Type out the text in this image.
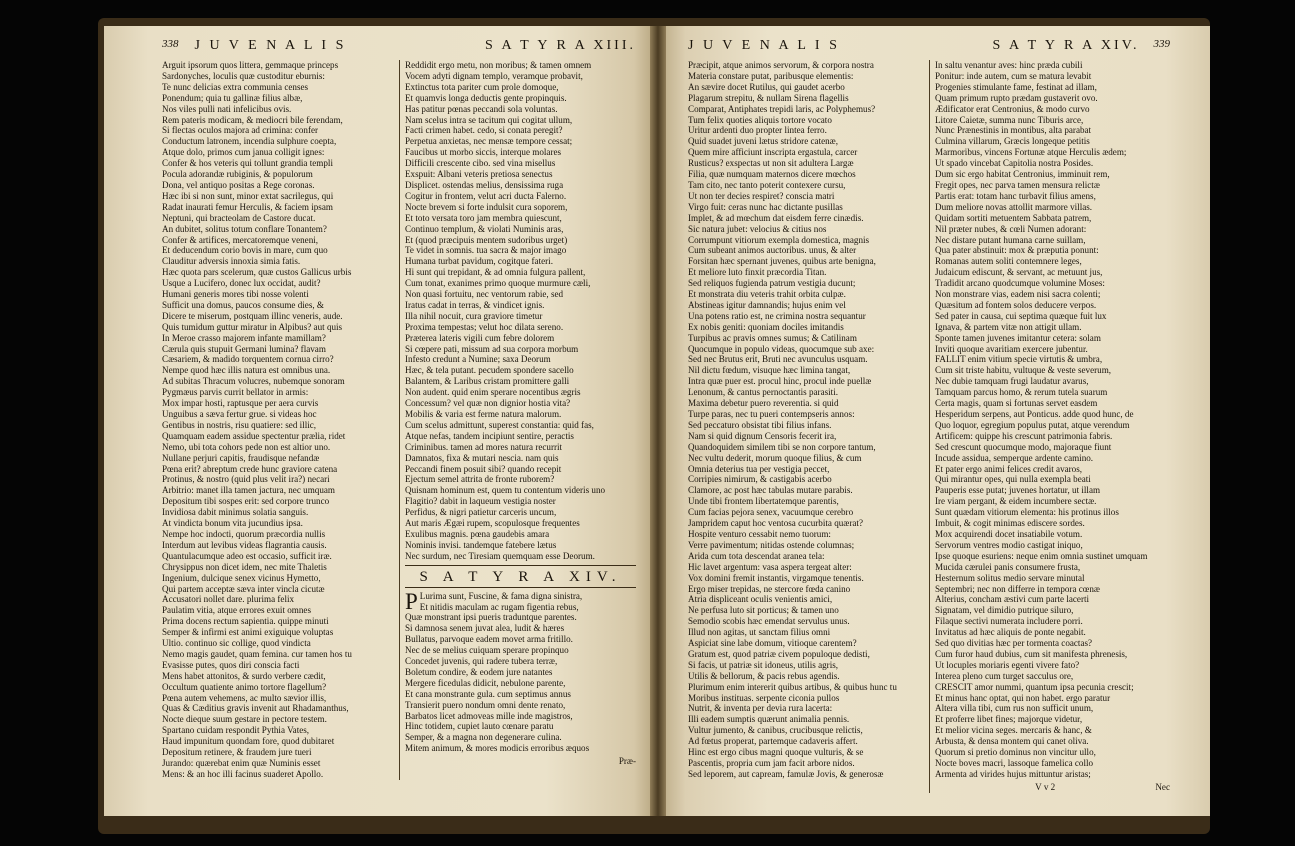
338 J U V E N A L I S	S A T Y R A XIII.
Arguit ipsorum quos littera, gemmaque princeps
Sardonyches, loculis quæ custoditur eburnis:
Te nunc delicias extra communia censes
Ponendum; quia tu gallinæ filius albæ,
Nos viles pulli nati infelicibus ovis.
Rem pateris modicam, & mediocri bile ferendam,
Si flectas oculos majora ad crimina: confer
Conductum latronem, incendia sulphure coepta,
Atque dolo, primos cum janua colligit ignes:
Confer & hos veteris qui tollunt grandia templi
Pocula adorandæ rubiginis, & populorum
Dona, vel antiquo positas a Rege coronas.
Hæc ibi si non sunt, minor extat sacrilegus, qui
Radat inaurati femur Herculis, & faciem ipsam
Neptuni, qui bracteolam de Castore ducat.
An dubitet, solitus totum conflare Tonantem?
Confer & artifices, mercatoremque veneni,
Et deducendum corio bovis in mare, cum quo
Clauditur adversis innoxia simia fatis.
Hæc quota pars scelerum, quæ custos Gallicus urbis
Usque a Lucifero, donec lux occidat, audit?
Humani generis mores tibi nosse volenti
Sufficit una domus, paucos consume dies, &
Dicere te miserum, postquam illinc veneris, aude.
Quis tumidum guttur miratur in Alpibus? aut quis
In Meroe crasso majorem infante mamillam?
Cærula quis stupuit Germani lumina? flavam
Cæsariem, & madido torquentem cornua cirro?
Nempe quod hæc illis natura est omnibus una.
Ad subitas Thracum volucres, nubemque sonoram
Pygmæus parvis currit bellator in armis:
Mox impar hosti, raptusque per aera curvis
Unguibus a sæva fertur grue. si videas hoc
Gentibus in nostris, risu quatiere: sed illic,
Quamquam eadem assidue spectentur prælia, ridet
Nemo, ubi tota cohors pede non est altior uno.
Nullane perjuri capitis, fraudisque nefandæ
Pœna erit? abreptum crede hunc graviore catena
Protinus, & nostro (quid plus velit ira?) necari
Arbitrio: manet illa tamen jactura, nec umquam
Depositum tibi sospes erit: sed corpore trunco
Invidiosa dabit minimus solatia sanguis.
At vindicta bonum vita jucundius ipsa.
Nempe hoc indocti, quorum præcordia nullis
Interdum aut levibus videas flagrantia causis.
Quantulacumque adeo est occasio, sufficit iræ.
Chrysippus non dicet idem, nec mite Thaletis
Ingenium, dulcique senex vicinus Hymetto,
Qui partem acceptæ sæva inter vincla cicutæ
Accusatori nollet dare. plurima felix
Paulatim vitia, atque errores exuit omnes
Prima docens rectum sapientia. quippe minuti
Semper & infirmi est animi exiguique voluptas
Ultio. continuo sic collige, quod vindicta
Nemo magis gaudet, quam femina. cur tamen hos tu
Evasisse putes, quos diri conscia facti
Mens habet attonitos, & surdo verbere cædit,
Occultum quatiente animo tortore flagellum?
Pœna autem vehemens, ac multo sævior illis,
Quas & Cæditius gravis invenit aut Rhadamanthus,
Nocte dieque suum gestare in pectore testem.
Spartano cuidam respondit Pythia Vates,
Haud impunitum quondam fore, quod dubitaret
Depositum retinere, & fraudem jure tueri
Jurando: quærebat enim quæ Numinis esset
Mens: & an hoc illi facinus suaderet Apollo.
Reddidit ergo metu, non moribus; & tamen omnem
Vocem adyti dignam templo, veramque probavit,
Extinctus tota pariter cum prole domoque,
Et quamvis longa deductis gente propinquis.
Has patitur pœnas peccandi sola voluntas.
Nam scelus intra se tacitum qui cogitat ullum,
Facti crimen habet. cedo, si conata peregit?
Perpetua anxietas, nec mensæ tempore cessat;
Faucibus ut morbo siccis, interque molares
Difficili crescente cibo. sed vina misellus
Exspuit: Albani veteris pretiosa senectus
Displicet. ostendas melius, densissima ruga
Cogitur in frontem, velut acri ducta Falerno.
Nocte brevem si forte indulsit cura soporem,
Et toto versata toro jam membra quiescunt,
Continuo templum, & violati Numinis aras,
Et (quod præcipuis mentem sudoribus urget)
Te videt in somnis. tua sacra & major imago
Humana turbat pavidum, cogitque fateri.
Hi sunt qui trepidant, & ad omnia fulgura pallent,
Cum tonat, exanimes primo quoque murmure cæli,
Non quasi fortuitu, nec ventorum rabie, sed
Iratus cadat in terras, & vindicet ignis.
Illa nihil nocuit, cura graviore timetur
Proxima tempestas; velut hoc dilata sereno.
Præterea lateris vigili cum febre dolorem
Si cœpere pati, missum ad sua corpora morbum
Infesto credunt a Numine; saxa Deorum
Hæc, & tela putant. pecudem spondere sacello
Balantem, & Laribus cristam promittere galli
Non audent. quid enim sperare nocentibus ægris
Concessum? vel quæ non dignior hostia vita?
Mobilis & varia est ferme natura malorum.
Cum scelus admittunt, superest constantia: quid fas,
Atque nefas, tandem incipiunt sentire, peractis
Criminibus. tamen ad mores natura recurrit
Damnatos, fixa & mutari nescia. nam quis
Peccandi finem posuit sibi? quando recepit
Ejectum semel attrita de fronte ruborem?
Quisnam hominum est, quem tu contentum videris uno
Flagitio? dabit in laqueum vestigia noster
Perfidus, & nigri patietur carceris uncum,
Aut maris Ægæi rupem, scopulosque frequentes
Exulibus magnis. pœna gaudebis amara
Nominis invisi. tandemque fatebere lætus
Nec surdum, nec Tiresiam quemquam esse Deorum.
S A T Y R A XIV.
P Lurima sunt, Fuscine, & fama digna sinistra,
Et nitidis maculam ac rugam figentia rebus,
Quæ monstrant ipsi pueris traduntque parentes.
Si damnosa senem juvat alea, ludit & hæres
Bullatus, parvoque eadem movet arma fritillo.
Nec de se melius cuiquam sperare propinquo
Concedet juvenis, qui radere tubera terræ,
Boletum condire, & eodem jure natantes
Mergere ficedulas didicit, nebulone parente,
Et cana monstrante gula. cum septimus annus
Transierit puero nondum omni dente renato,
Barbatos licet admoveas mille inde magistros,
Hinc totidem, cupiet lauto cœnare paratu
Semper, & a magna non degenerare culina.
Mitem animum, & mores modicis erroribus æquos
Præ-
J U V E N A L I S	S A T Y R A XIV. 339
Præcipit, atque animos servorum, & corpora nostra
Materia constare putat, paribusque elementis:
An sævire docet Rutilus, qui gaudet acerbo
Plagarum strepitu, & nullam Sirena flagellis
Comparat, Antiphates trepidi laris, ac Polyphemus?
Tum felix quoties aliquis tortore vocato
Uritur ardenti duo propter lintea ferro.
Quid suadet juveni lætus stridore catenæ,
Quem mire afficiunt inscripta ergastula, carcer
Rusticus? exspectas ut non sit adultera Largæ
Filia, quæ numquam maternos dicere mœchos
Tam cito, nec tanto poterit contexere cursu,
Ut non ter decies respiret? conscia matri
Virgo fuit: ceras nunc hac dictante pusillas
Implet, & ad mœchum dat eisdem ferre cinædis.
Sic natura jubet: velocius & citius nos
Corrumpunt vitiorum exempla domestica, magnis
Cum subeant animos auctoribus. unus, & alter
Forsitan hæc spernant juvenes, quibus arte benigna,
Et meliore luto finxit præcordia Titan.
Sed reliquos fugienda patrum vestigia ducunt;
Et monstrata diu veteris trahit orbita culpæ.
Abstineas igitur damnandis; hujus enim vel
Una potens ratio est, ne crimina nostra sequantur
Ex nobis geniti: quoniam dociles imitandis
Turpibus ac pravis omnes sumus; & Catilinam
Quocumque in populo videas, quocumque sub axe:
Sed nec Brutus erit, Bruti nec avunculus usquam.
Nil dictu fœdum, visuque hæc limina tangat,
Intra quæ puer est. procul hinc, procul inde puellæ
Lenonum, & cantus pernoctantis parasiti.
Maxima debetur puero reverentia. si quid
Turpe paras, nec tu pueri contempseris annos:
Sed peccaturo obsistat tibi filius infans.
Nam si quid dignum Censoris fecerit ira,
Quandoquidem similem tibi se non corpore tantum,
Nec vultu dederit, morum quoque filius, & cum
Omnia deterius tua per vestigia peccet,
Corripies nimirum, & castigabis acerbo
Clamore, ac post hæc tabulas mutare parabis.
Unde tibi frontem libertatemque parentis,
Cum facias pejora senex, vacuumque cerebro
Jampridem caput hoc ventosa cucurbita quærat?
Hospite venturo cessabit nemo tuorum:
Verre pavimentum; nitidas ostende columnas;
Arida cum tota descendat aranea tela:
Hic lavet argentum: vasa aspera tergeat alter:
Vox domini fremit instantis, virgamque tenentis.
Ergo miser trepidas, ne stercore fœda canino
Atria displiceant oculis venientis amici,
Ne perfusa luto sit porticus; & tamen uno
Semodio scobis hæc emendat servulus unus.
Illud non agitas, ut sanctam filius omni
Aspiciat sine labe domum, vitioque carentem?
Gratum est, quod patriæ civem populoque dedisti,
Si facis, ut patriæ sit idoneus, utilis agris,
Utilis & bellorum, & pacis rebus agendis.
Plurimum enim intererit quibus artibus, & quibus hunc tu
Moribus instituas. serpente ciconia pullos
Nutrit, & inventa per devia rura lacerta:
Illi eadem sumptis quærunt animalia pennis.
Vultur jumento, & canibus, crucibusque relictis,
Ad fœtus properat, partemque cadaveris affert.
Hinc est ergo cibus magni quoque vulturis, & se
Pascentis, propria cum jam facit arbore nidos.
Sed leporem, aut capream, famulæ Jovis, & generosæ
In saltu venantur aves: hinc præda cubili
Ponitur: inde autem, cum se matura levabit
Progenies stimulante fame, festinat ad illam,
Quam primum rupto prædam gustaverit ovo.
Ædificator erat Centronius, & modo curvo
Litore Caietæ, summa nunc Tiburis arce,
Nunc Prænestinis in montibus, alta parabat
Culmina villarum, Græcis longeque petitis
Marmoribus, vincens Fortunæ atque Herculis ædem;
Ut spado vincebat Capitolia nostra Posides.
Dum sic ergo habitat Centronius, imminuit rem,
Fregit opes, nec parva tamen mensura relictæ
Partis erat: totam hanc turbavit filius amens,
Dum meliore novas attollit marmore villas.
Quidam sortiti metuentem Sabbata patrem,
Nil præter nubes, & cœli Numen adorant:
Nec distare putant humana carne suillam,
Qua pater abstinuit: mox & præputia ponunt:
Romanas autem soliti contemnere leges,
Judaicum ediscunt, & servant, ac metuunt jus,
Tradidit arcano quodcumque volumine Moses:
Non monstrare vias, eadem nisi sacra colenti;
Quæsitum ad fontem solos deducere verpos.
Sed pater in causa, cui septima quæque fuit lux
Ignava, & partem vitæ non attigit ullam.
Sponte tamen juvenes imitantur cetera: solam
Inviti quoque avaritiam exercere jubentur.
FALLIT enim vitium specie virtutis & umbra,
Cum sit triste habitu, vultuque & veste severum,
Nec dubie tamquam frugi laudatur avarus,
Tamquam parcus homo, & rerum tutela suarum
Certa magis, quam si fortunas servet easdem
Hesperidum serpens, aut Ponticus. adde quod hunc, de
Quo loquor, egregium populus putat, atque verendum
Artificem: quippe his crescunt patrimonia fabris.
Sed crescunt quocumque modo, majoraque fiunt
Incude assidua, semperque ardente camino.
Et pater ergo animi felices credit avaros,
Qui mirantur opes, qui nulla exempla beati
Pauperis esse putat; juvenes hortatur, ut illam
Ire viam pergant, & eidem incumbere sectæ.
Sunt quædam vitiorum elementa: his protinus illos
Imbuit, & cogit minimas ediscere sordes.
Mox acquirendi docet insatiabile votum.
Servorum ventres modio castigat iniquo,
Ipse quoque esuriens: neque enim omnia sustinet umquam
Mucida cærulei panis consumere frusta,
Hesternum solitus medio servare minutal
Septembri; nec non differre in tempora cœnæ
Alterius, concham æstivi cum parte lacerti
Signatam, vel dimidio putrique siluro,
Filaque sectivi numerata includere porri.
Invitatus ad hæc aliquis de ponte negabit.
Sed quo divitias hæc per tormenta coactas?
Cum furor haud dubius, cum sit manifesta phrenesis,
Ut locuples moriaris egenti vivere fato?
Interea pleno cum turget sacculus ore,
CRESCIT amor nummi, quantum ipsa pecunia crescit;
Et minus hanc optat, qui non habet. ergo paratur
Altera villa tibi, cum rus non sufficit unum,
Et proferre libet fines; majorque videtur,
Et melior vicina seges. mercaris & hanc, &
Arbusta, & densa montem qui canet oliva.
Quorum si pretio dominus non vincitur ullo,
Nocte boves macri, lassoque famelica collo
Armenta ad virides hujus mittuntur aristas;
V v 2	Nec
